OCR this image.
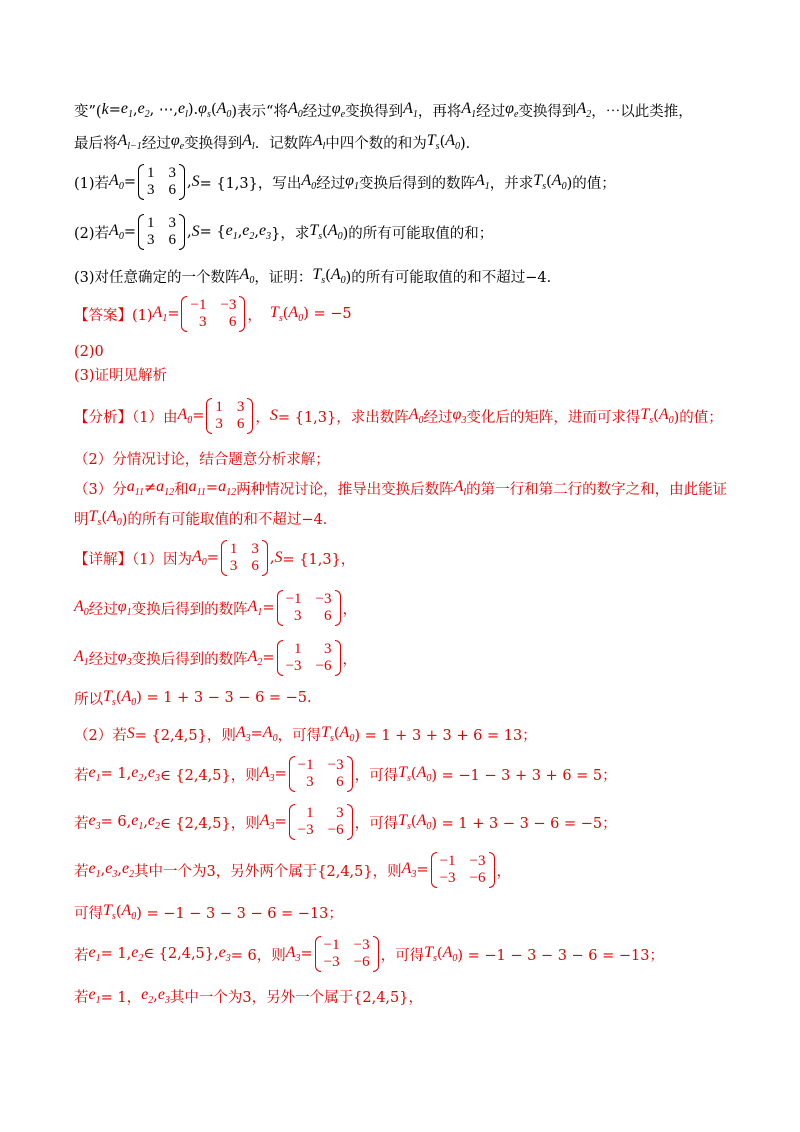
变”( $k = e_1$ , $e_2$ , ⋯, $e_l$ ). $\varphi_s$ ( $A_0$ )表示“将 $A_0$ 经过 $\varphi_e$ 变换得到 $A_1$ ，再将 $A_1$ 经过 $\varphi_e$ 变换得到 $A_2$ ，⋯以此类推，
最后将 $A_{l-1}$ 经过 $\varphi_e$ 变换得到 $A_l$ ．记数阵 $A_l$ 中四个数的和为 $T_s$ ( $A_0$ )．
(1)若 $A_0$ =
1 3
3 6 , S = {1,3}，写出 $A_0$ 经过 $\varphi_1$ 变换后得到的数阵 $A_1$ ，并求 $T_s$ ( $A_0$ )的值；
(2)若 $A_0$ =
1 3
3 6 , S = { $e_1$ , $e_2$ , $e_3$ }，求 $T_s$ ( $A_0$ )的所有可能取值的和；
(3)对任意确定的一个数阵 $A_0$ ，证明： $T_s$ ( $A_0$ )的所有可能取值的和不超过−4．
【答案】(1) $A_1$ =
−1 −3
3	6 ， $T_s$ ( $A_0$ ) = −5
(2)0
(3)证明见解析
【分析】（1）由 $A_0$ =
1 3
3 6 ， S = {1,3}，求出数阵 $A_0$ 经过 $\varphi_3$ 变化后的矩阵，进而可求得 $T_s$ ( $A_0$ )的值；
（2）分情况讨论，结合题意分析求解；
（3）分 $a_{11} \ne a_{12}$ 和 $a_{11} = a_{12}$ 两种情况讨论，推导出变换后数阵 $A_l$ 的第一行和第二行的数字之和，由此能证
明 $T_s$ ( $A_0$ )的所有可能取值的和不超过−4．
【详解】（1）因为 $A_0$ =
1 3
3 6 , S = {1,3}，
$A_0$ 经过 $\varphi_1$ 变换后得到的数阵 $A_1$ =
−1 −3
3	6 ，
$A_1$ 经过 $\varphi_3$ 变换后得到的数阵 $A_2$ =
1	3
−3 −6 ，
所以 $T_s$ ( $A_0$ ) = 1 + 3 − 3 − 6 = −5.
（2）若 S = {2,4,5}，则 $A_3 = A_0$ ，可得 $T_s$ ( $A_0$ ) = 1 + 3 + 3 + 6 = 13；
若 $e_1 = 1$, $e_2$ , $e_3$ ∈ {2,4,5}，则 $A_3$ =
−1 −3
3	6 ，可得 $T_s$ ( $A_0$ ) = −1 − 3 + 3 + 6 = 5；
若 $e_3 = 6$, $e_1$ , $e_2$ ∈ {2,4,5}，则 $A_3$ =
1	3
−3 −6 ，可得 $T_s$ ( $A_0$ ) = 1 + 3 − 3 − 6 = −5；
若 $e_1$ , $e_3$ , $e_2$ 其中一个为3，另外两个属于{2,4,5}，则 $A_3$ =
−1 −3
−3 −6 ，
可得 $T_s$ ( $A_0$ ) = −1 − 3 − 3 − 6 = −13；
若 $e_1 = 1$, $e_2$ ∈ {2,4,5}, $e_3 = 6$，则 $A_3$ =
−1 −3
−3 −6 ，可得 $T_s$ ( $A_0$ ) = −1 − 3 − 3 − 6 = −13；
若 $e_1 = 1$， $e_2$ , $e_3$ 其中一个为3，另外一个属于{2,4,5}，
